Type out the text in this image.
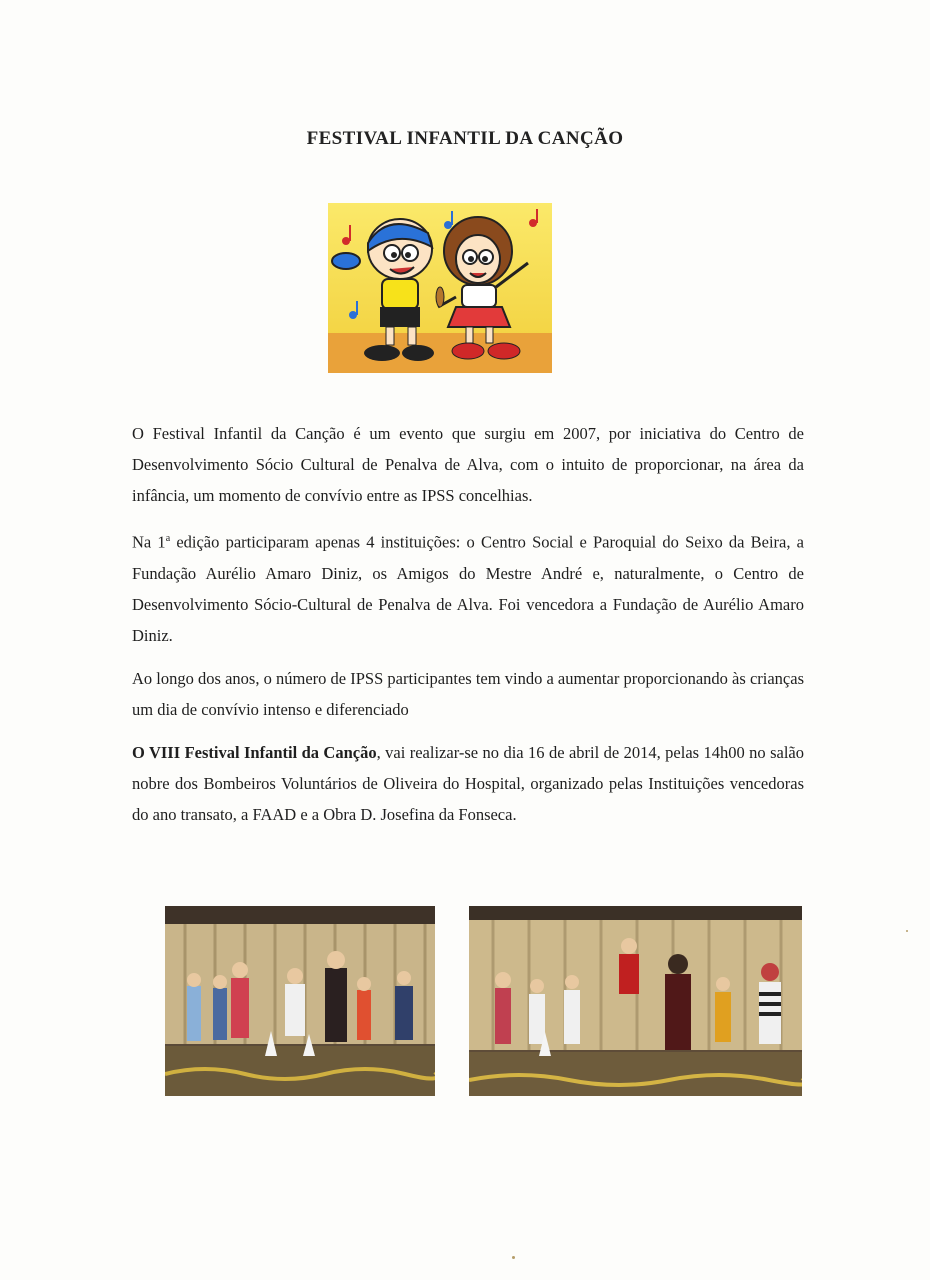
FESTIVAL INFANTIL DA CANÇÃO

O Festival Infantil da Canção é um evento que surgiu em 2007, por iniciativa do Centro de Desenvolvimento Sócio Cultural de Penalva de Alva, com o intuito de proporcionar, na área da infância, um momento de convívio entre as IPSS concelhias.

Na 1$^a$ edição participaram apenas 4 instituições: o Centro Social e Paroquial do Seixo da Beira, a Fundação Aurélio Amaro Diniz, os Amigos do Mestre André e, naturalmente, o Centro de Desenvolvimento Sócio-Cultural de Penalva de Alva. Foi vencedora a Fundação de Aurélio Amaro Diniz.

Ao longo dos anos, o número de IPSS participantes tem vindo a aumentar proporcionando às crianças um dia de convívio intenso e diferenciado

O VIII Festival Infantil da Canção, vai realizar-se no dia 16 de abril de 2014, pelas 14h00 no salão nobre dos Bombeiros Voluntários de Oliveira do Hospital, organizado pelas Instituições vencedoras do ano transato, a FAAD e a Obra D. Josefina da Fonseca.
